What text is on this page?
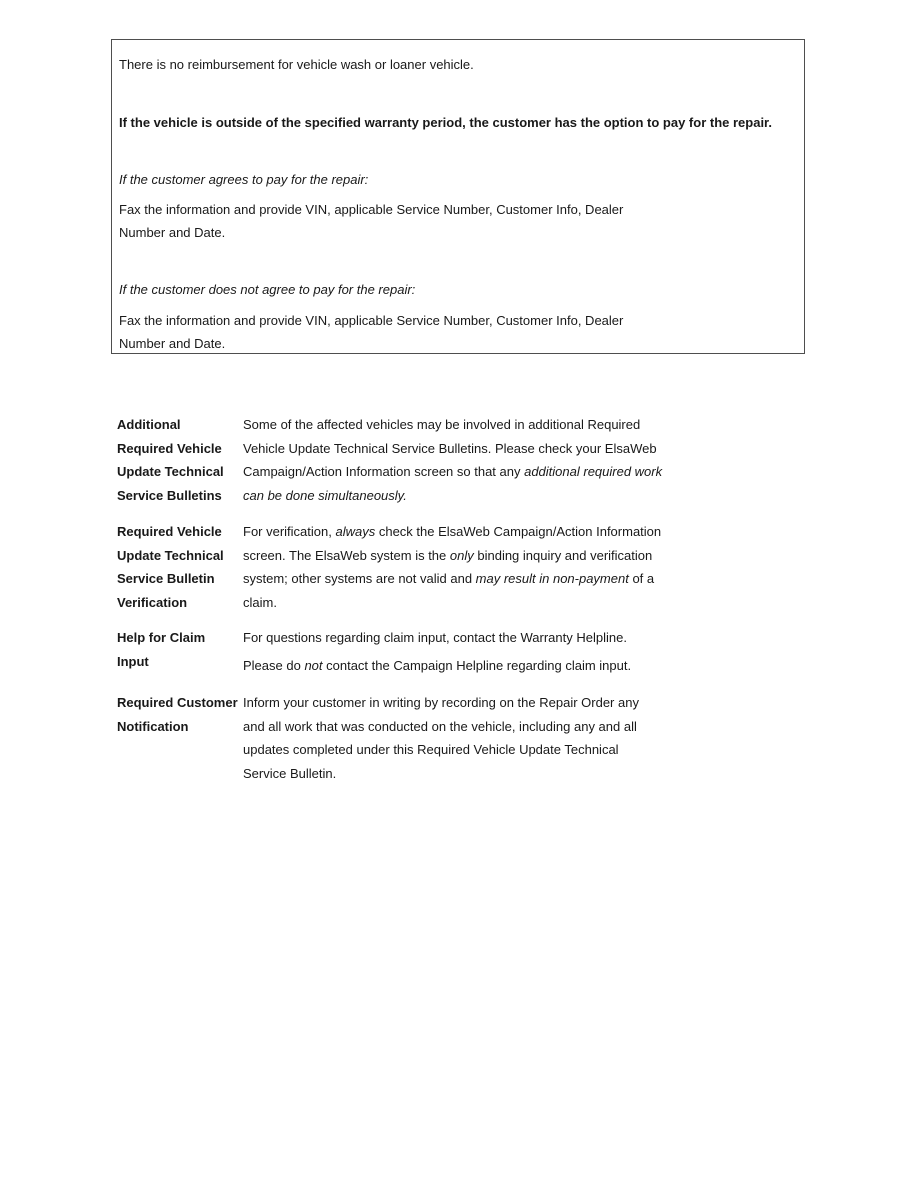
There is no reimbursement for vehicle wash or loaner vehicle.
If the vehicle is outside of the specified warranty period, the customer has the option to pay for the repair.
If the customer agrees to pay for the repair:
Fax the information and provide VIN, applicable Service Number, Customer Info, Dealer
Number and Date.
If the customer does not agree to pay for the repair:
Fax the information and provide VIN, applicable Service Number, Customer Info, Dealer
Number and Date.
Additional
Required Vehicle
Update Technical
Service Bulletins
Some of the affected vehicles may be involved in additional Required
Vehicle Update Technical Service Bulletins. Please check your ElsaWeb
Campaign/Action Information screen so that any additional required work
can be done simultaneously.
Required Vehicle
Update Technical
Service Bulletin
Verification
For verification, always check the ElsaWeb Campaign/Action Information
screen. The ElsaWeb system is the only binding inquiry and verification
system; other systems are not valid and may result in non-payment of a
claim.
Help for Claim
Input
For questions regarding claim input, contact the Warranty Helpline.
Please do not contact the Campaign Helpline regarding claim input.
Required Customer
Notification
Inform your customer in writing by recording on the Repair Order any
and all work that was conducted on the vehicle, including any and all
updates completed under this Required Vehicle Update Technical
Service Bulletin.
